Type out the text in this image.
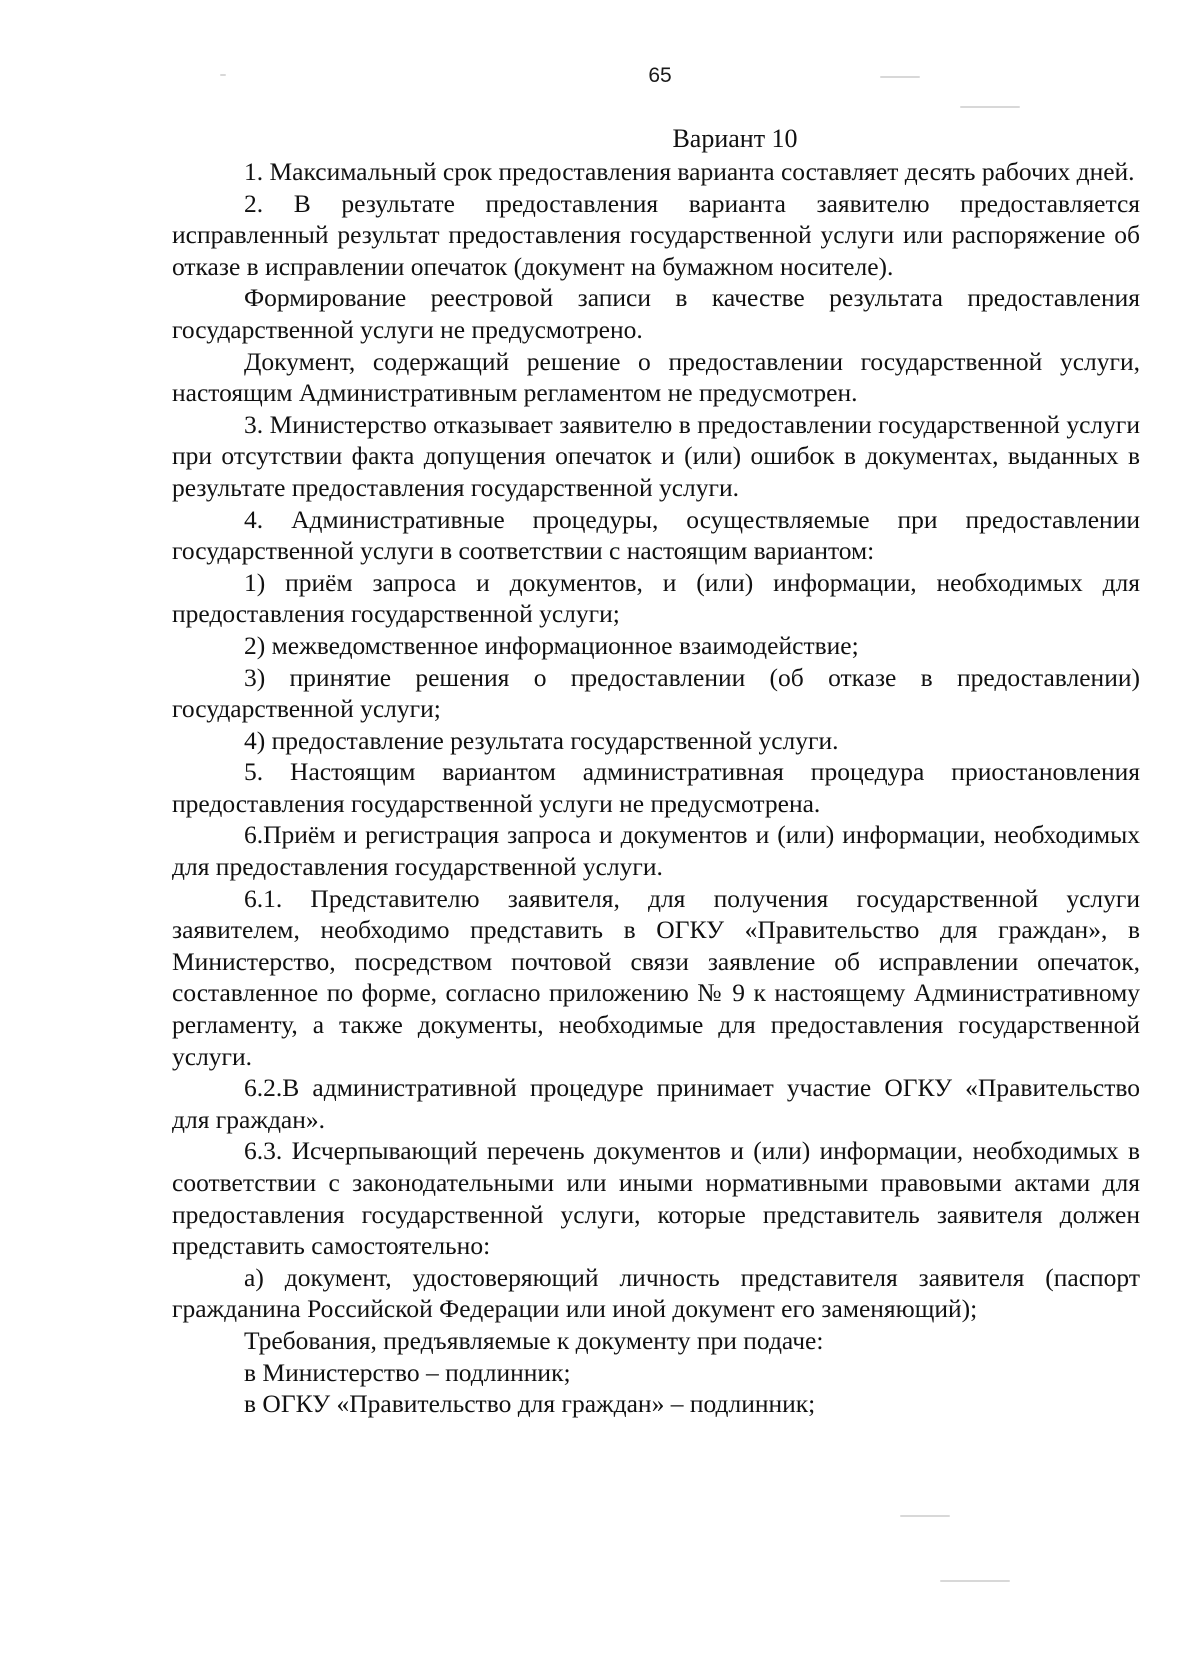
65
Вариант 10

1. Максимальный срок предоставления варианта составляет десять рабочих дней.

2. В результате предоставления варианта заявителю предоставляется исправленный результат предоставления государственной услуги или распоряжение об отказе в исправлении опечаток (документ на бумажном носителе).

Формирование реестровой записи в качестве результата предоставления государственной услуги не предусмотрено.

Документ, содержащий решение о предоставлении государственной услуги, настоящим Административным регламентом не предусмотрен.

3. Министерство отказывает заявителю в предоставлении государственной услуги при отсутствии факта допущения опечаток и (или) ошибок в документах, выданных в результате предоставления государственной услуги.

4. Административные процедуры, осуществляемые при предоставлении государственной услуги в соответствии с настоящим вариантом:

1) приём запроса и документов, и (или) информации, необходимых для предоставления государственной услуги;

2) межведомственное информационное взаимодействие;

3) принятие решения о предоставлении (об отказе в предоставлении) государственной услуги;

4) предоставление результата государственной услуги.

5. Настоящим вариантом административная процедура приостановления предоставления государственной услуги не предусмотрена.

6.Приём и регистрация запроса и документов и (или) информации, необходимых для предоставления государственной услуги.

6.1. Представителю заявителя, для получения государственной услуги заявителем, необходимо представить в ОГКУ «Правительство для граждан», в Министерство, посредством почтовой связи заявление об исправлении опечаток, составленное по форме, согласно приложению № 9 к настоящему Административному регламенту, а также документы, необходимые для предоставления государственной услуги.

6.2.В административной процедуре принимает участие ОГКУ «Правительство для граждан».

6.3. Исчерпывающий перечень документов и (или) информации, необходимых в соответствии с законодательными или иными нормативными правовыми актами для предоставления государственной услуги, которые представитель заявителя должен представить самостоятельно:

а) документ, удостоверяющий личность представителя заявителя (паспорт гражданина Российской Федерации или иной документ его заменяющий);

Требования, предъявляемые к документу при подаче:

в Министерство – подлинник;

в ОГКУ «Правительство для граждан» – подлинник;
